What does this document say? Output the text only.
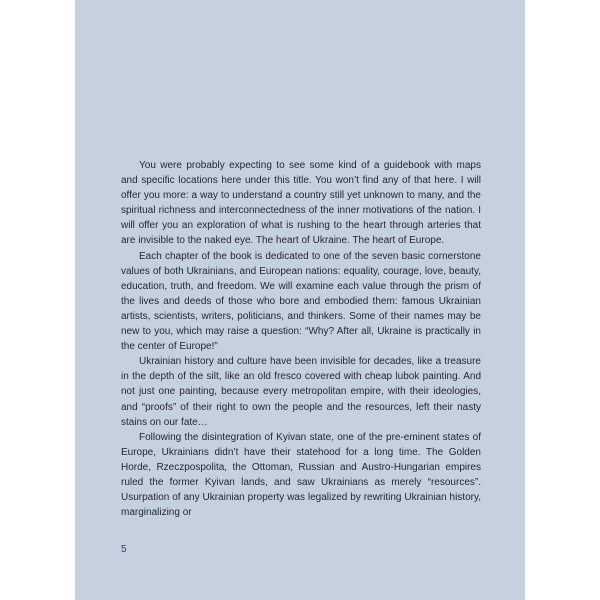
You were probably expecting to see some kind of a guidebook with maps and specific locations here under this title. You won’t find any of that here. I will offer you more: a way to understand a country still yet unknown to many, and the spiritual richness and interconnectedness of the inner motivations of the nation. I will offer you an exploration of what is rushing to the heart through arteries that are invisible to the naked eye. The heart of Ukraine. The heart of Europe.

Each chapter of the book is dedicated to one of the seven basic cornerstone values of both Ukrainians, and European nations: equality, courage, love, beauty, education, truth, and freedom. We will examine each value through the prism of the lives and deeds of those who bore and embodied them: famous Ukrainian artists, scientists, writers, politicians, and thinkers. Some of their names may be new to you, which may raise a question: “Why? After all, Ukraine is practically in the center of Europe!”

Ukrainian history and culture have been invisible for decades, like a treasure in the depth of the silt, like an old fresco covered with cheap lubok painting. And not just one painting, because every metropolitan empire, with their ideologies, and “proofs” of their right to own the people and the resources, left their nasty stains on our fate…

Following the disintegration of Kyivan state, one of the pre-eminent states of Europe, Ukrainians didn’t have their statehood for a long time. The Golden Horde, Rzeczpospolita, the Ottoman, Russian and Austro-Hungarian empires ruled the former Kyivan lands, and saw Ukrainians as merely “resources”. Usurpation of any Ukrainian property was legalized by rewriting Ukrainian history, marginalizing or

5
